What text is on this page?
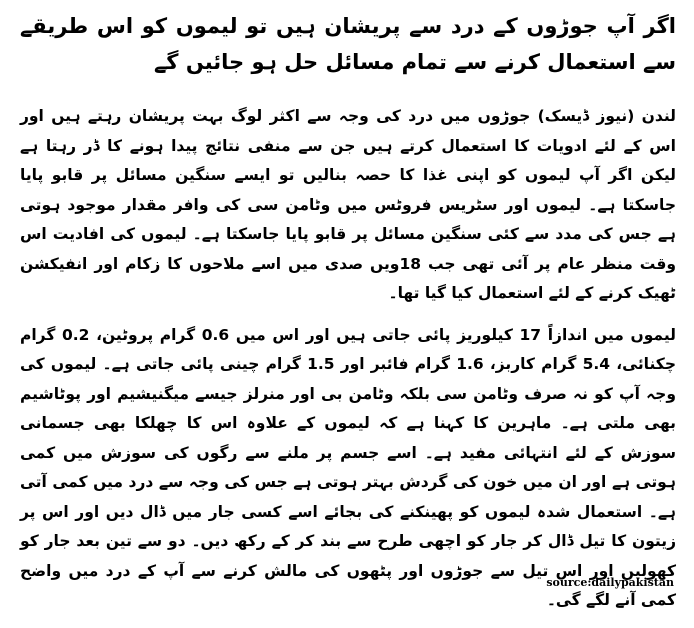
اگر آپ جوڑوں کے درد سے پریشان ہیں تو لیموں کو اس طریقے سے استعمال کرنے سے تمام مسائل حل ہو جائیں گے

لندن (نیوز ڈیسک) جوڑوں میں درد کی وجہ سے اکثر لوگ بہت پریشان رہتے ہیں اور اس کے لئے ادویات کا استعمال کرتے ہیں جن سے منفی نتائج پیدا ہونے کا ڈر رہتا ہے لیکن اگر آپ لیموں کو اپنی غذا کا حصہ بنالیں تو ایسے سنگین مسائل پر قابو پایا جاسکتا ہے۔ لیموں اور سٹریس فروٹس میں وٹامن سی کی وافر مقدار موجود ہوتی ہے جس کی مدد سے کئی سنگین مسائل پر قابو پایا جاسکتا ہے۔ لیموں کی افادیت اس وقت منظر عام پر آئی تھی جب 18ویں صدی میں اسے ملاحوں کا زکام اور انفیکشن ٹھیک کرنے کے لئے استعمال کیا گیا تھا۔

لیموں میں اندازاً 17 کیلوریز پائی جاتی ہیں اور اس میں 0.6 گرام پروٹین، 0.2 گرام چکنائی، 5.4 گرام کاربز، 1.6 گرام فائبر اور 1.5 گرام چینی پائی جاتی ہے۔ لیموں کی وجہ آپ کو نہ صرف وٹامن سی بلکہ وٹامن بی اور منرلز جیسے میگنیشیم اور پوٹاشیم بھی ملتی ہے۔ ماہرین کا کہنا ہے کہ لیموں کے علاوہ اس کا چھلکا بھی جسمانی سوزش کے لئے انتہائی مفید ہے۔ اسے جسم پر ملنے سے رگوں کی سوزش میں کمی ہوتی ہے اور ان میں خون کی گردش بہتر ہوتی ہے جس کی وجہ سے درد میں کمی آتی ہے۔ استعمال شدہ لیموں کو پھینکنے کی بجائے اسے کسی جار میں ڈال دیں اور اس پر زیتون کا تیل ڈال کر جار کو اچھی طرح سے بند کر کے رکھ دیں۔ دو سے تین بعد جار کو کھولیں اور اس تیل سے جوڑوں اور پٹھوں کی مالش کرنے سے آپ کے درد میں واضح کمی آنے لگے گی۔

source:dailypakistan
